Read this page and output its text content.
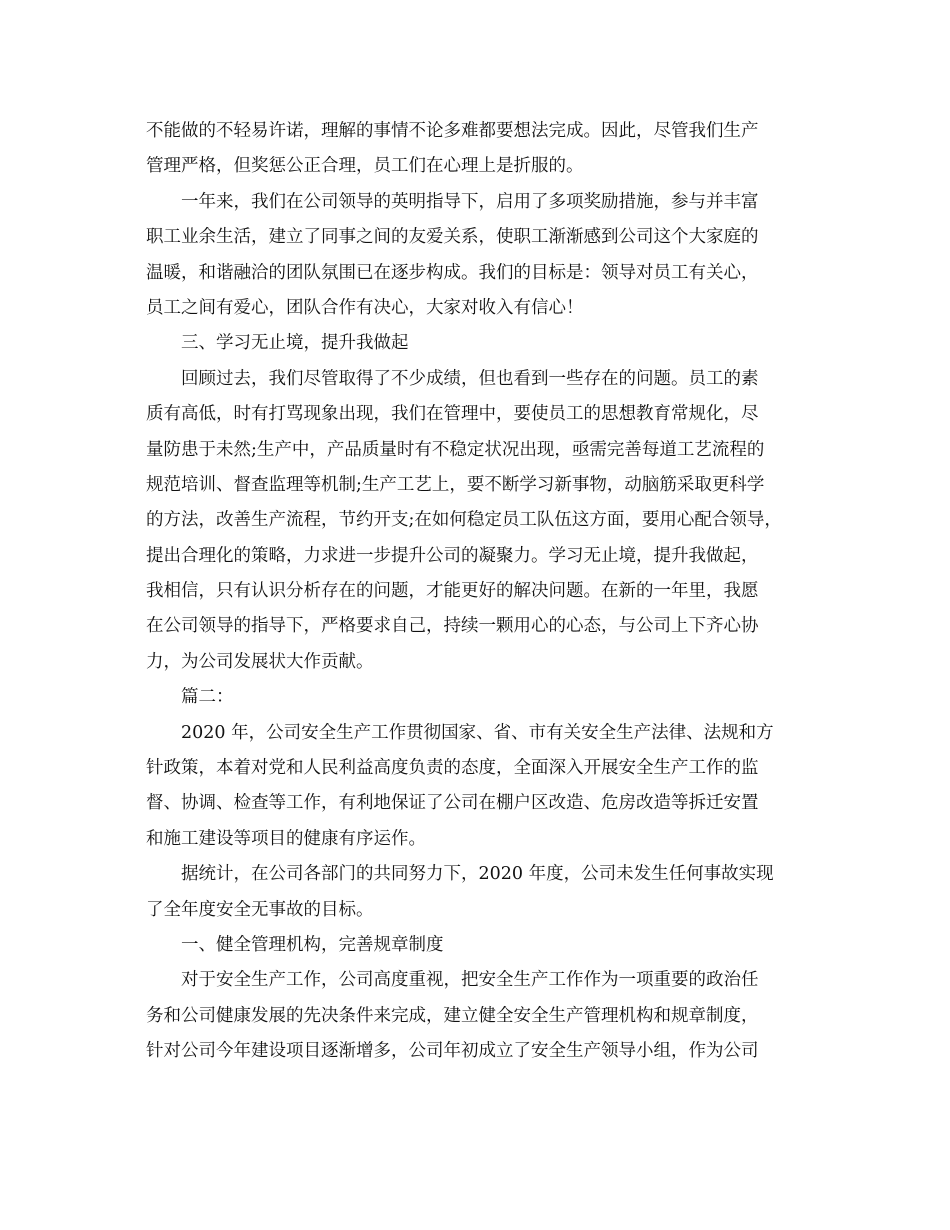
不能做的不轻易许诺，理解的事情不论多难都要想法完成。因此，尽管我们生产
管理严格，但奖惩公正合理，员工们在心理上是折服的。
一年来，我们在公司领导的英明指导下，启用了多项奖励措施，参与并丰富
职工业余生活，建立了同事之间的友爱关系，使职工渐渐感到公司这个大家庭的
温暖，和谐融洽的团队氛围已在逐步构成。我们的目标是：领导对员工有关心，
员工之间有爱心，团队合作有决心，大家对收入有信心！
三、学习无止境，提升我做起
回顾过去，我们尽管取得了不少成绩，但也看到一些存在的问题。员工的素
质有高低，时有打骂现象出现，我们在管理中，要使员工的思想教育常规化，尽
量防患于未然;生产中，产品质量时有不稳定状况出现，亟需完善每道工艺流程的
规范培训、督查监理等机制;生产工艺上，要不断学习新事物，动脑筋采取更科学
的方法，改善生产流程，节约开支;在如何稳定员工队伍这方面，要用心配合领导，
提出合理化的策略，力求进一步提升公司的凝聚力。学习无止境，提升我做起，
我相信，只有认识分析存在的问题，才能更好的解决问题。在新的一年里，我愿
在公司领导的指导下，严格要求自己，持续一颗用心的心态，与公司上下齐心协
力，为公司发展状大作贡献。
篇二：
2020 年，公司安全生产工作贯彻国家、省、市有关安全生产法律、法规和方
针政策，本着对党和人民利益高度负责的态度，全面深入开展安全生产工作的监
督、协调、检查等工作，有利地保证了公司在棚户区改造、危房改造等拆迁安置
和施工建设等项目的健康有序运作。
据统计，在公司各部门的共同努力下，2020 年度，公司未发生任何事故实现
了全年度安全无事故的目标。
一、健全管理机构，完善规章制度
对于安全生产工作，公司高度重视，把安全生产工作作为一项重要的政治任
务和公司健康发展的先决条件来完成，建立健全安全生产管理机构和规章制度，
针对公司今年建设项目逐渐增多，公司年初成立了安全生产领导小组，作为公司
